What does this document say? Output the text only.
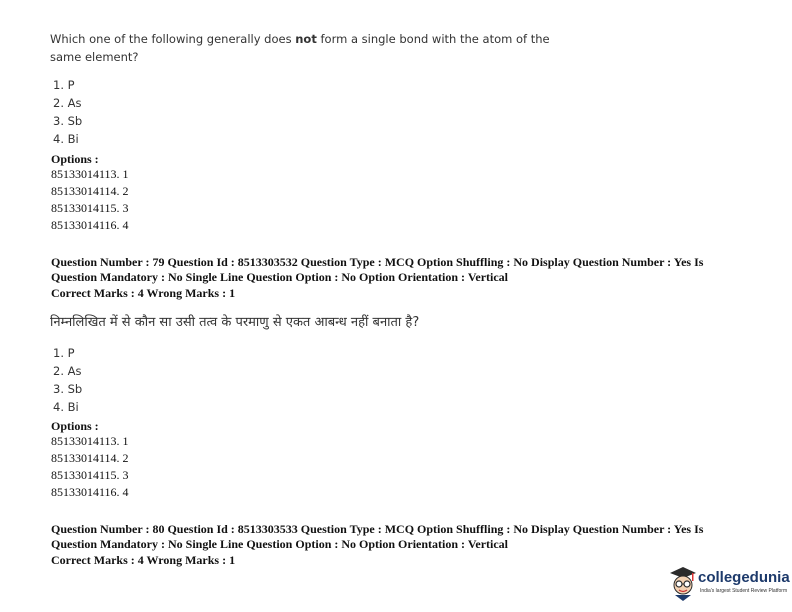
Which one of the following generally does not form a single bond with the atom of the same element?
1. P
2. As
3. Sb
4. Bi
Options :
85133014113. 1
85133014114. 2
85133014115. 3
85133014116. 4
Question Number : 79 Question Id : 8513303532 Question Type : MCQ Option Shuffling : No Display Question Number : Yes Is
Question Mandatory : No Single Line Question Option : No Option Orientation : Vertical
Correct Marks : 4 Wrong Marks : 1
निम्नलिखित में से कौन सा उसी तत्व के परमाणु से एकत आबन्ध नहीं बनाता है?
1. P
2. As
3. Sb
4. Bi
Options :
85133014113. 1
85133014114. 2
85133014115. 3
85133014116. 4
Question Number : 80 Question Id : 8513303533 Question Type : MCQ Option Shuffling : No Display Question Number : Yes Is
Question Mandatory : No Single Line Question Option : No Option Orientation : Vertical
Correct Marks : 4 Wrong Marks : 1
collegedunia
India's largest Student Review Platform
